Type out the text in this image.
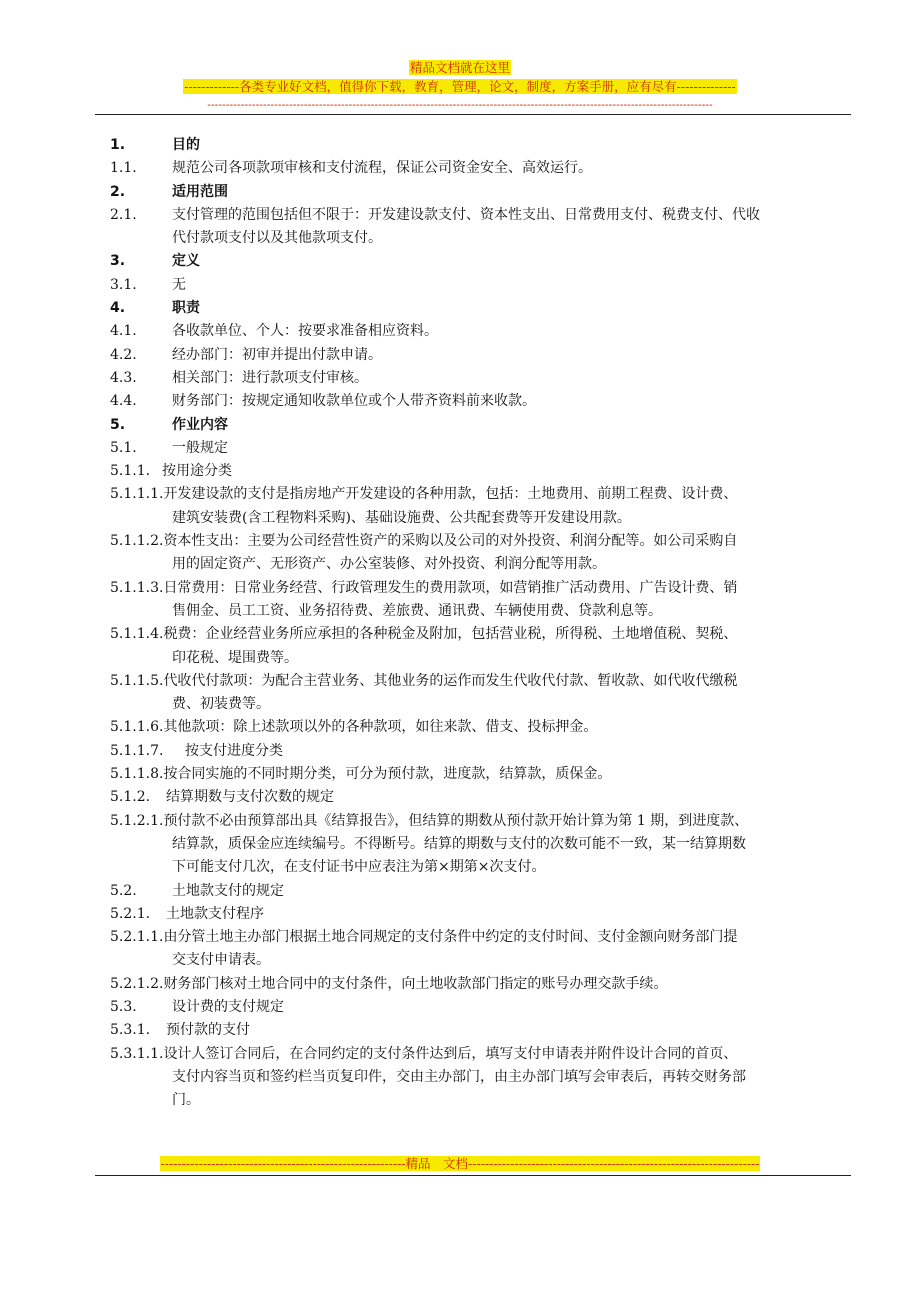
精品文档就在这里
-------------各类专业好文档，值得你下载，教育，管理，论文，制度，方案手册，应有尽有--------------
----------------------------------------------------------------------------------------------------------------------------------------
1.	目的
1.1.	规范公司各项款项审核和支付流程，保证公司资金安全、高效运行。
2.	适用范围
2.1.	支付管理的范围包括但不限于：开发建设款支付、资本性支出、日常费用支付、税费支付、代收
代付款项支付以及其他款项支付。
3.	定义
3.1.	无
4.	职责
4.1.	各收款单位、个人：按要求准备相应资料。
4.2.	经办部门：初审并提出付款申请。
4.3.	相关部门：进行款项支付审核。
4.4.	财务部门：按规定通知收款单位或个人带齐资料前来收款。
5.	作业内容
5.1.	一般规定
5.1.1. 按用途分类
5.1.1.1. 开发建设款的支付是指房地产开发建设的各种用款，包括：土地费用、前期工程费、设计费、
建筑安装费(含工程物料采购)、基础设施费、公共配套费等开发建设用款。
5.1.1.2. 资本性支出：主要为公司经营性资产的采购以及公司的对外投资、利润分配等。如公司采购自
用的固定资产、无形资产、办公室装修、对外投资、利润分配等用款。
5.1.1.3. 日常费用：日常业务经营、行政管理发生的费用款项，如营销推广活动费用、广告设计费、销
售佣金、员工工资、业务招待费、差旅费、通讯费、车辆使用费、贷款利息等。
5.1.1.4. 税费：企业经营业务所应承担的各种税金及附加，包括营业税，所得税、土地增值税、契税、
印花税、堤围费等。
5.1.1.5. 代收代付款项：为配合主营业务、其他业务的运作而发生代收代付款、暂收款、如代收代缴税
费、初装费等。
5.1.1.6. 其他款项：除上述款项以外的各种款项，如往来款、借支、投标押金。
5.1.1.7.	按支付进度分类
5.1.1.8. 按合同实施的不同时期分类，可分为预付款，进度款，结算款，质保金。
5.1.2.	结算期数与支付次数的规定
5.1.2.1. 预付款不必由预算部出具《结算报告》，但结算的期数从预付款开始计算为第 1 期，到进度款、
结算款，质保金应连续编号。不得断号。结算的期数与支付的次数可能不一致，某一结算期数
下可能支付几次，在支付证书中应表注为第×期第×次支付。
5.2.	土地款支付的规定
5.2.1.	土地款支付程序
5.2.1.1. 由分管土地主办部门根据土地合同规定的支付条件中约定的支付时间、支付金额向财务部门提
交支付申请表。
5.2.1.2. 财务部门核对土地合同中的支付条件，向土地收款部门指定的账号办理交款手续。
5.3.	设计费的支付规定
5.3.1.	预付款的支付
5.3.1.1. 设计人签订合同后，在合同约定的支付条件达到后，填写支付申请表并附件设计合同的首页、
支付内容当页和签约栏当页复印件，交由主办部门，由主办部门填写会审表后，再转交财务部
门。
----------------------------------------------------------精品　文档---------------------------------------------------------------------
